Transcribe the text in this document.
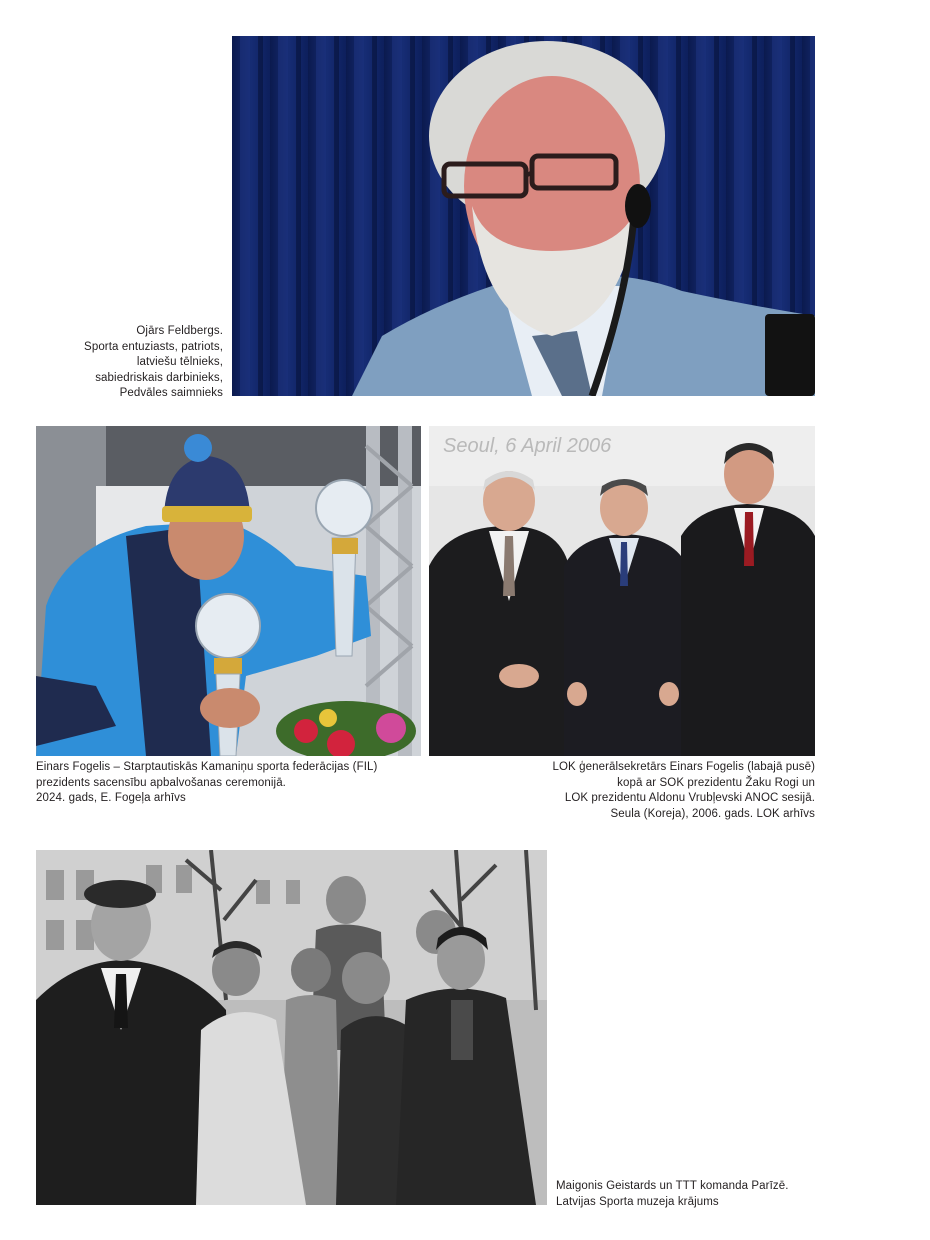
Ojārs Feldbergs.
Sporta entuziasts, patriots,
latviešu tēlnieks,
sabiedriskais darbinieks,
Pedvāles saimnieks
Seoul, 6 April 2006
Einars Fogelis – Starptautiskās Kamaniņu sporta federācijas (FIL)
prezidents sacensību apbalvošanas ceremonijā.
2024. gads, E. Fogeļa arhīvs
LOK ģenerālsekretārs Einars Fogelis (labajā pusē)
kopā ar SOK prezidentu Žaku Rogi un
LOK prezidentu Aldonu Vrubļevski ANOC sesijā.
Seula (Koreja), 2006. gads. LOK arhīvs
Maigonis Geistards un TTT komanda Parīzē.
Latvijas Sporta muzeja krājums
